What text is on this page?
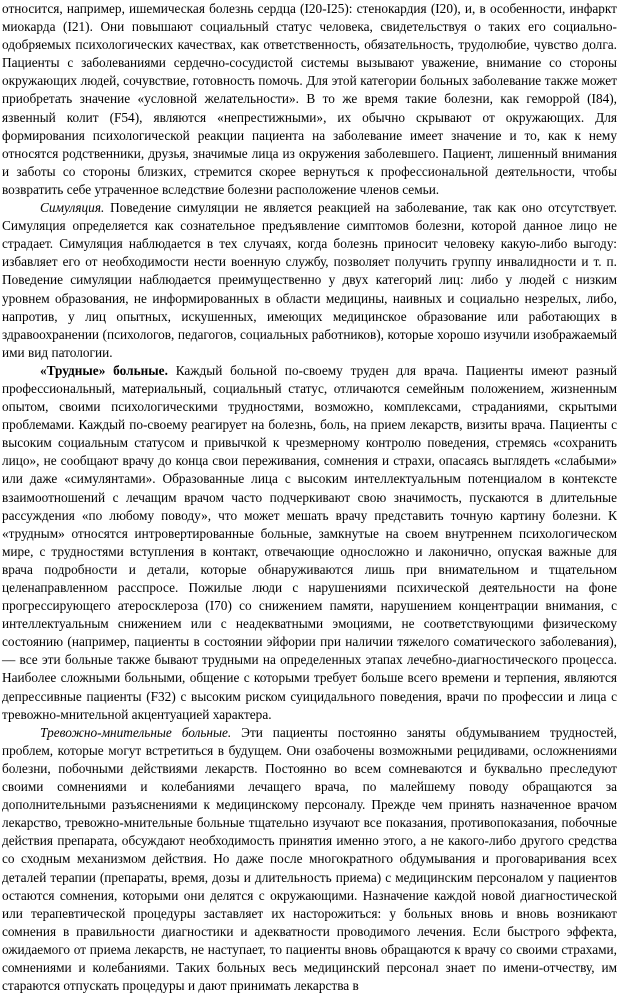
относится, например, ишемическая болезнь сердца (I20-I25): стенокардия (I20), и, в особенности, инфаркт миокарда (I21). Они повышают социальный статус человека, свидетельствуя о таких его социально-одобряемых психологических качествах, как ответственность, обязательность, трудолюбие, чувство долга. Пациенты с заболеваниями сердечно-сосудистой системы вызывают уважение, внимание со стороны окружающих людей, сочувствие, готовность помочь. Для этой категории больных заболевание также может приобретать значение «условной желательности». В то же время такие болезни, как геморрой (I84), язвенный колит (F54), являются «непрестижными», их обычно скрывают от окружающих. Для формирования психологической реакции пациента на заболевание имеет значение и то, как к нему относятся родственники, друзья, значимые лица из окружения заболевшего. Пациент, лишенный внимания и заботы со стороны близких, стремится скорее вернуться к профессиональной деятельности, чтобы возвратить себе утраченное вследствие болезни расположение членов семьи.

Симуляция. Поведение симуляции не является реакцией на заболевание, так как оно отсутствует. Симуляция определяется как сознательное предъявление симптомов болезни, которой данное лицо не страдает. Симуляция наблюдается в тех случаях, когда болезнь приносит человеку какую-либо выгоду: избавляет его от необходимости нести военную службу, позволяет получить группу инвалидности и т. п. Поведение симуляции наблюдается преимущественно у двух категорий лиц: либо у людей с низким уровнем образования, не информированных в области медицины, наивных и социально незрелых, либо, напротив, у лиц опытных, искушенных, имеющих медицинское образование или работающих в здравоохранении (психологов, педагогов, социальных работников), которые хорошо изучили изображаемый ими вид патологии.

«Трудные» больные. Каждый больной по-своему труден для врача. Пациенты имеют разный профессиональный, материальный, социальный статус, отличаются семейным положением, жизненным опытом, своими психологическими трудностями, возможно, комплексами, страданиями, скрытыми проблемами. Каждый по-своему реагирует на болезнь, боль, на прием лекарств, визиты врача. Пациенты с высоким социальным статусом и привычкой к чрезмерному контролю поведения, стремясь «сохранить лицо», не сообщают врачу до конца свои переживания, сомнения и страхи, опасаясь выглядеть «слабыми» или даже «симулянтами». Образованные лица с высоким интеллектуальным потенциалом в контексте взаимоотношений с лечащим врачом часто подчеркивают свою значимость, пускаются в длительные рассуждения «по любому поводу», что может мешать врачу представить точную картину болезни. К «трудным» относятся интровертированные больные, замкнутые на своем внутреннем психологическом мире, с трудностями вступления в контакт, отвечающие односложно и лаконично, опуская важные для врача подробности и детали, которые обнаруживаются лишь при внимательном и тщательном целенаправленном расспросе. Пожилые люди с нарушениями психической деятельности на фоне прогрессирующего атеросклероза (I70) со снижением памяти, нарушением концентрации внимания, с интеллектуальным снижением или с неадекватными эмоциями, не соответствующими физическому состоянию (например, пациенты в состоянии эйфории при наличии тяжелого соматического заболевания), — все эти больные также бывают трудными на определенных этапах лечебно-диагностического процесса. Наиболее сложными больными, общение с которыми требует больше всего времени и терпения, являются депрессивные пациенты (F32) с высоким риском суицидального поведения, врачи по профессии и лица с тревожно-мнительной акцентуацией характера.

Тревожно-мнительные больные. Эти пациенты постоянно заняты обдумыванием трудностей, проблем, которые могут встретиться в будущем. Они озабочены возможными рецидивами, осложнениями болезни, побочными действиями лекарств. Постоянно во всем сомневаются и буквально преследуют своими сомнениями и колебаниями лечащего врача, по малейшему поводу обращаются за дополнительными разъяснениями к медицинскому персоналу. Прежде чем принять назначенное врачом лекарство, тревожно-мнительные больные тщательно изучают все показания, противопоказания, побочные действия препарата, обсуждают необходимость принятия именно этого, а не какого-либо другого средства со сходным механизмом действия. Но даже после многократного обдумывания и проговаривания всех деталей терапии (препараты, время, дозы и длительность приема) с медицинским персоналом у пациентов остаются сомнения, которыми они делятся с окружающими. Назначение каждой новой диагностической или терапевтической процедуры заставляет их насторожиться: у больных вновь и вновь возникают сомнения в правильности диагностики и адекватности проводимого лечения. Если быстрого эффекта, ожидаемого от приема лекарств, не наступает, то пациенты вновь обращаются к врачу со своими страхами, сомнениями и колебаниями. Таких больных весь медицинский персонал знает по имени-отчеству, им стараются отпускать процедуры и дают принимать лекарства в
